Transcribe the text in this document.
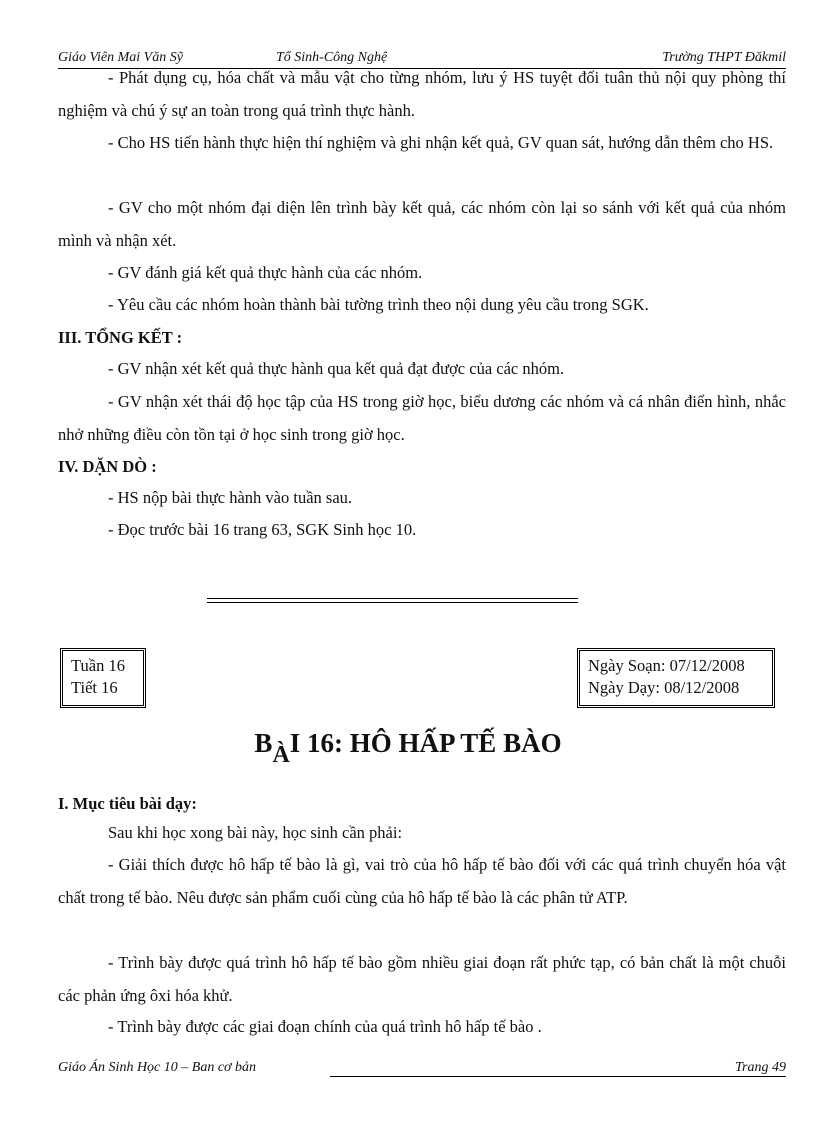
Giáo Viên Mai Văn Sỹ	Tổ Sinh-Công Nghệ	Trường THPT Đăkmil

- Phát dụng cụ, hóa chất và mẫu vật cho từng nhóm, lưu ý HS tuyệt đối tuân thủ nội quy phòng thí nghiệm và chú ý sự an toàn trong quá trình thực hành.

- Cho HS tiến hành thực hiện thí nghiệm và ghi nhận kết quả, GV quan sát, hướng dẫn thêm cho HS.

- GV cho một nhóm đại diện lên trình bày kết quả, các nhóm còn lại so sánh với kết quả của nhóm mình và nhận xét.

- GV đánh giá kết quả thực hành của các nhóm.

- Yêu cầu các nhóm hoàn thành bài tường trình theo nội dung yêu cầu trong SGK.

III. TỔNG KẾT :

- GV nhận xét kết quả thực hành qua kết quả đạt được của các nhóm.

- GV nhận xét thái độ học tập của HS trong giờ học, biểu dương các nhóm và cá nhân điển hình, nhắc nhở những điều còn tồn tại ở học sinh trong giờ học.

IV. DẶN DÒ :

- HS nộp bài thực hành vào tuần sau.

- Đọc trước bài 16 trang 63, SGK Sinh học 10.

Tuần 16
Tiết 16
Ngày Soạn: 07/12/2008
Ngày Dạy: 08/12/2008
BÀI 16: HÔ HẤP TẾ BÀO

I. Mục tiêu bài dạy:

Sau khi học xong bài này, học sinh cần phải:

- Giải thích được hô hấp tế bào là gì, vai trò của hô hấp tế bào đối với các quá trình chuyển hóa vật chất trong tế bào. Nêu được sản phẩm cuối cùng của hô hấp tế bào là các phân tử ATP.

- Trình bày được quá trình hô hấp tế bào gồm nhiều giai đoạn rất phức tạp, có bản chất là một chuỗi các phản ứng ôxi hóa khử.

- Trình bày được các giai đoạn chính của quá trình hô hấp tế bào .

Giáo Án Sinh Học 10 – Ban cơ bản	Trang 49
